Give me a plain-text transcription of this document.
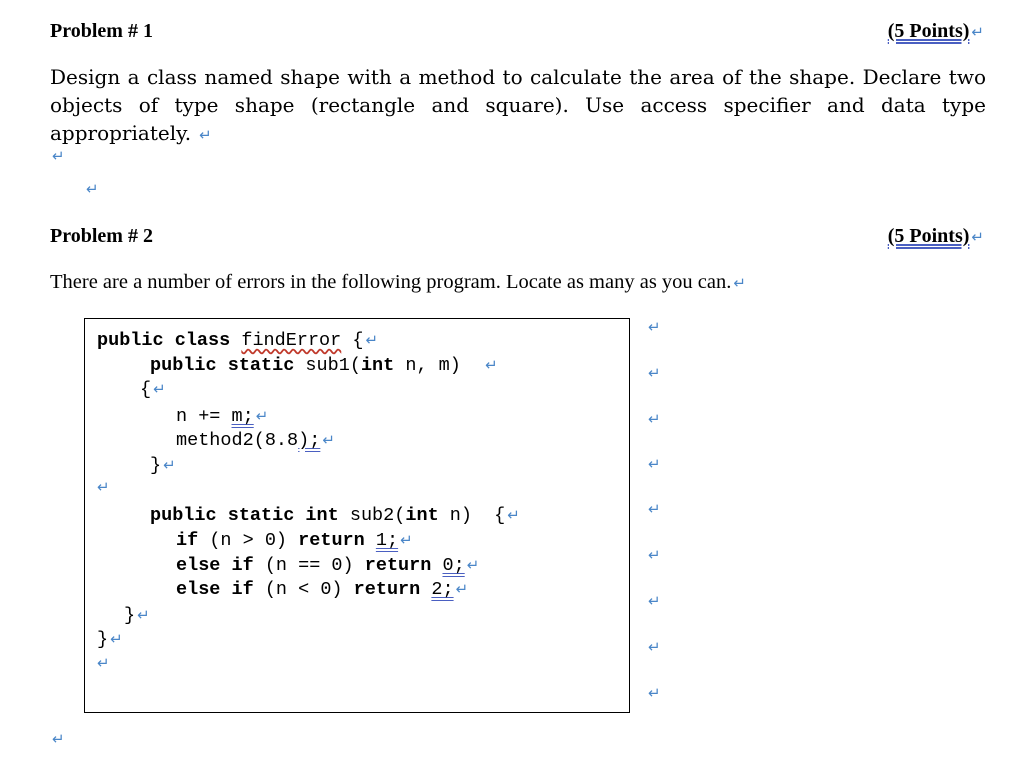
Problem # 1	(5 Points) ↵
Design a class named shape with a method to calculate the area of the shape. Declare two
objects of type shape (rectangle and square). Use access specifier and data type
appropriately. ↵
↵
↵
Problem # 2	(5 Points) ↵
There are a number of errors in the following program. Locate as many as you can. ↵
public class findError { ↵
public static sub1(int n, m) ↵
{ ↵
n += m; ↵
method2(8.8); ↵
} ↵
↵
public static int sub2(int n)  { ↵
if (n > 0) return 1; ↵
else if (n == 0) return 0; ↵
else if (n < 0) return 2; ↵
} ↵
} ↵
↵
↵
↵
↵
↵
↵
↵
↵
↵
↵
↵
